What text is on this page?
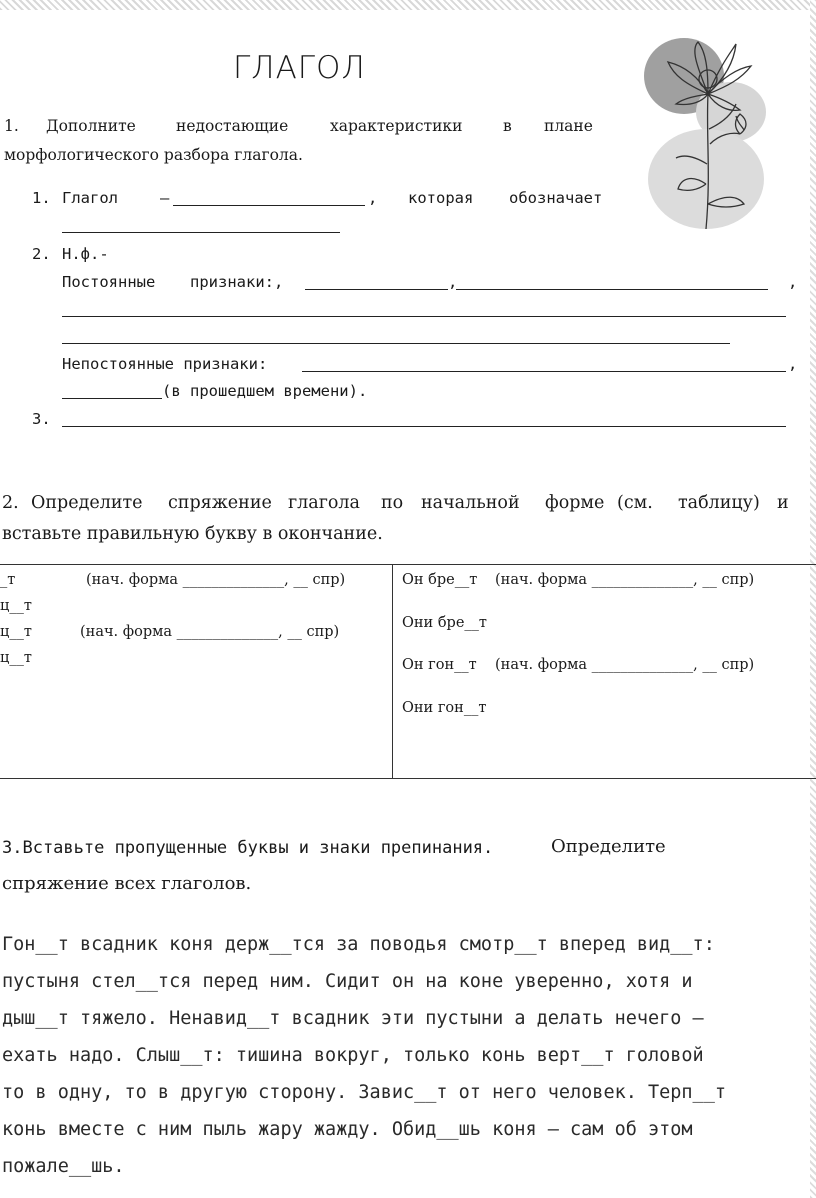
ГЛАГОЛ
1. Дополните	недостающие	характеристики	в плане
морфологического разбора глагола.
1. Глагол	–	, которая обозначает
2. Н.ф.-
Постоянные признаки:,	,	,
Непостоянные признаки:	,
(в прошедшем времени).
3.
2. Определите спряжение глагола по начальной форме (см. таблицу) и
вставьте правильную букву в окончание.
_т	(нач. форма ______________, __ спр)
ц__т
ц__т	(нач. форма ______________, __ спр)
ц__т
Он бре__т (нач. форма ______________, __ спр)
Они бре__т
Он гон__т (нач. форма ______________, __ спр)
Они гон__т
3.Вставьте пропущенные буквы и знаки препинания.	Определите
спряжение всех глаголов.
Гон__т всадник коня держ__тся за поводья смотр__т вперед вид__т:
пустыня стел__тся перед ним. Сидит он на коне уверенно, хотя и
дыш__т тяжело. Ненавид__т всадник эти пустыни а делать нечего –
ехать надо. Слыш__т: тишина вокруг, только конь верт__т головой
то в одну, то в другую сторону. Завис__т от него человек. Терп__т
конь вместе с ним пыль жару жажду. Обид__шь коня – сам об этом
пожале__шь.
